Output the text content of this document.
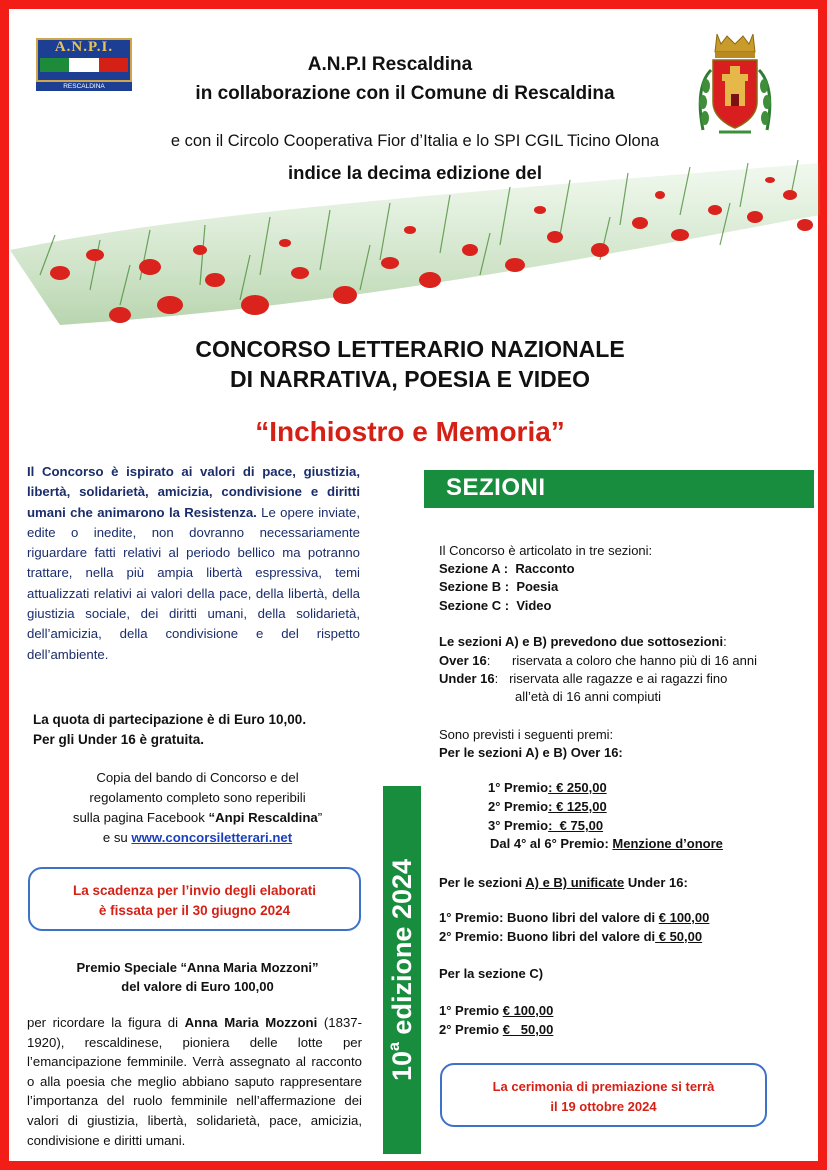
A.N.P.I.
RESCALDINA
A.N.P.I Rescaldina
in collaborazione con il Comune di Rescaldina
e con il Circolo Cooperativa Fior d’Italia e lo SPI CGIL Ticino Olona
indice la decima edizione del
CONCORSO LETTERARIO NAZIONALE
DI NARRATIVA, POESIA E VIDEO
“Inchiostro e Memoria”
Il Concorso è ispirato ai valori di pace, giustizia, libertà, solidarietà, amicizia, condivisione e diritti umani che animarono la Resistenza. Le opere inviate, edite o inedite, non dovranno necessariamente riguardare fatti relativi al periodo bellico ma potranno trattare, nella più ampia libertà espressiva, temi attualizzati relativi ai valori della pace, della libertà, della giustizia sociale, dei diritti umani, della solidarietà, dell’amicizia, della condivisione e del rispetto dell’ambiente.
La quota di partecipazione è di Euro 10,00.
Per gli Under 16 è gratuita.
Copia del bando di Concorso e del
regolamento completo sono reperibili
sulla pagina Facebook “Anpi Rescaldina”
e su www.concorsiletterari.net
La scadenza per l’invio degli elaborati
è fissata per il 30 giugno 2024
Premio Speciale “Anna Maria Mozzoni”
del valore di Euro 100,00
per ricordare la figura di Anna Maria Mozzoni (1837-1920), rescaldinese, pioniera delle lotte per l’emancipazione femminile. Verrà assegnato al racconto o alla poesia che meglio abbiano saputo rappresentare l’importanza del ruolo femminile nell’affermazione dei valori di giustizia, libertà, solidarietà, pace, amicizia, condivisione e diritti umani.
10$^a$ edizione 2024
SEZIONI
Il Concorso è articolato in tre sezioni:
Sezione A : Racconto
Sezione B : Poesia
Sezione C : Video
Le sezioni A) e B) prevedono due sottosezioni:
Over 16:      riservata a coloro che hanno più di 16 anni
Under 16:   riservata alle ragazze e ai ragazzi fino
all’età di 16 anni compiuti
Sono previsti i seguenti premi:
Per le sezioni A) e B) Over 16:
1° Premio: € 250,00
2° Premio: € 125,00
3° Premio:  € 75,00
Dal 4° al 6° Premio: Menzione d’onore
Per le sezioni A) e B) unificate Under 16:
1° Premio: Buono libri del valore di € 100,00
2° Premio: Buono libri del valore di € 50,00
Per la sezione C)
1° Premio € 100,00
2° Premio €   50,00
La cerimonia di premiazione si terrà
il 19 ottobre 2024
